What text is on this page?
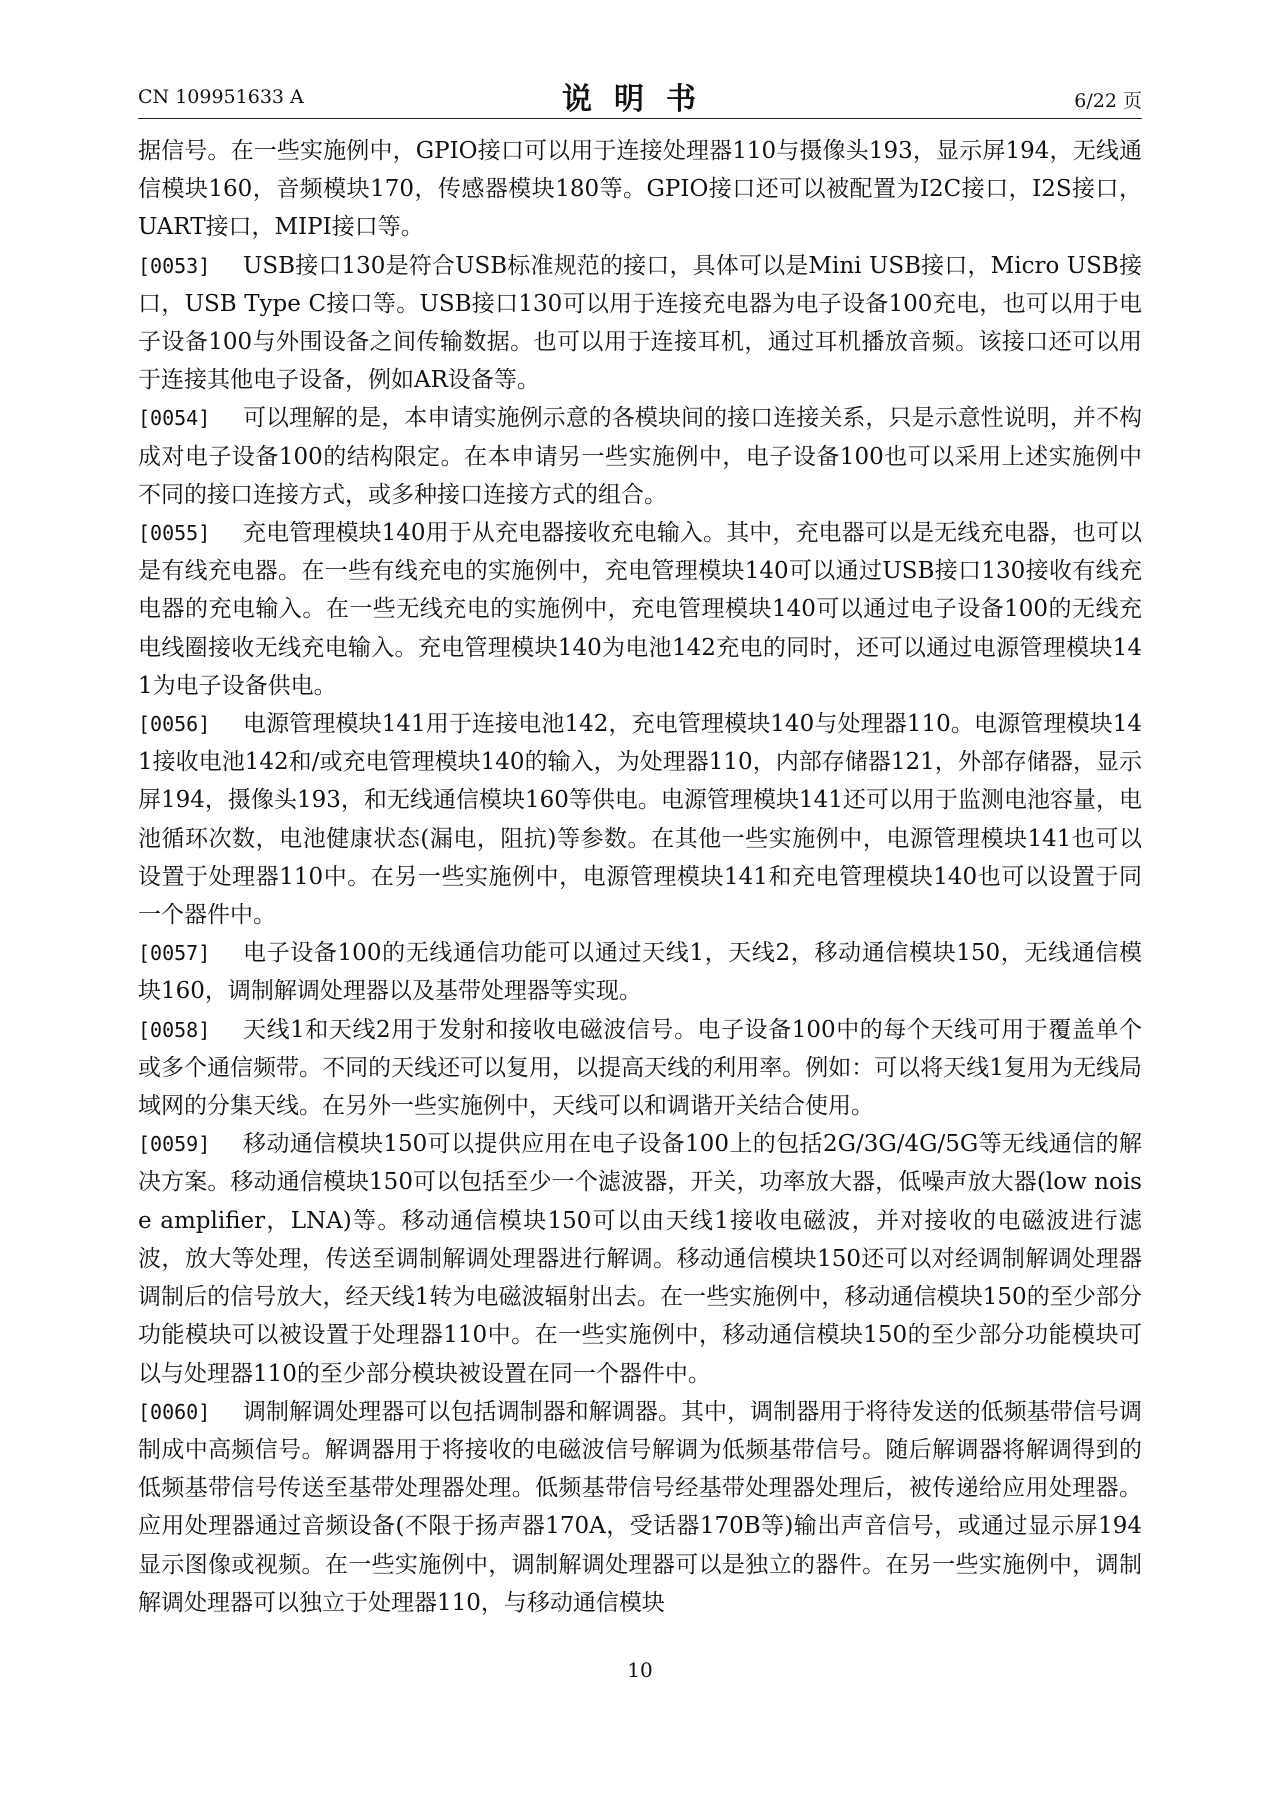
CN 109951633 A	说明书	6/22 页
据信号。在一些实施例中，GPIO接口可以用于连接处理器110与摄像头193，显示屏194，无线通信模块160，音频模块170，传感器模块180等。GPIO接口还可以被配置为I2C接口，I2S接口，UART接口，MIPI接口等。
[0053]	USB接口130是符合USB标准规范的接口，具体可以是Mini USB接口，Micro USB接口，USB Type C接口等。USB接口130可以用于连接充电器为电子设备100充电，也可以用于电子设备100与外围设备之间传输数据。也可以用于连接耳机，通过耳机播放音频。该接口还可以用于连接其他电子设备，例如AR设备等。
[0054]	可以理解的是，本申请实施例示意的各模块间的接口连接关系，只是示意性说明，并不构成对电子设备100的结构限定。在本申请另一些实施例中，电子设备100也可以采用上述实施例中不同的接口连接方式，或多种接口连接方式的组合。
[0055]	充电管理模块140用于从充电器接收充电输入。其中，充电器可以是无线充电器，也可以是有线充电器。在一些有线充电的实施例中，充电管理模块140可以通过USB接口130接收有线充电器的充电输入。在一些无线充电的实施例中，充电管理模块140可以通过电子设备100的无线充电线圈接收无线充电输入。充电管理模块140为电池142充电的同时，还可以通过电源管理模块141为电子设备供电。
[0056]	电源管理模块141用于连接电池142，充电管理模块140与处理器110。电源管理模块141接收电池142和/或充电管理模块140的输入，为处理器110，内部存储器121，外部存储器，显示屏194，摄像头193，和无线通信模块160等供电。电源管理模块141还可以用于监测电池容量，电池循环次数，电池健康状态(漏电，阻抗)等参数。在其他一些实施例中，电源管理模块141也可以设置于处理器110中。在另一些实施例中，电源管理模块141和充电管理模块140也可以设置于同一个器件中。
[0057]	电子设备100的无线通信功能可以通过天线1，天线2，移动通信模块150，无线通信模块160，调制解调处理器以及基带处理器等实现。
[0058]	天线1和天线2用于发射和接收电磁波信号。电子设备100中的每个天线可用于覆盖单个或多个通信频带。不同的天线还可以复用，以提高天线的利用率。例如：可以将天线1复用为无线局域网的分集天线。在另外一些实施例中，天线可以和调谐开关结合使用。
[0059]	移动通信模块150可以提供应用在电子设备100上的包括2G/3G/4G/5G等无线通信的解决方案。移动通信模块150可以包括至少一个滤波器，开关，功率放大器，低噪声放大器(low noise amplifier，LNA)等。移动通信模块150可以由天线1接收电磁波，并对接收的电磁波进行滤波，放大等处理，传送至调制解调处理器进行解调。移动通信模块150还可以对经调制解调处理器调制后的信号放大，经天线1转为电磁波辐射出去。在一些实施例中，移动通信模块150的至少部分功能模块可以被设置于处理器110中。在一些实施例中，移动通信模块150的至少部分功能模块可以与处理器110的至少部分模块被设置在同一个器件中。
[0060]	调制解调处理器可以包括调制器和解调器。其中，调制器用于将待发送的低频基带信号调制成中高频信号。解调器用于将接收的电磁波信号解调为低频基带信号。随后解调器将解调得到的低频基带信号传送至基带处理器处理。低频基带信号经基带处理器处理后，被传递给应用处理器。应用处理器通过音频设备(不限于扬声器170A，受话器170B等)输出声音信号，或通过显示屏194显示图像或视频。在一些实施例中，调制解调处理器可以是独立的器件。在另一些实施例中，调制解调处理器可以独立于处理器110，与移动通信模块
10
